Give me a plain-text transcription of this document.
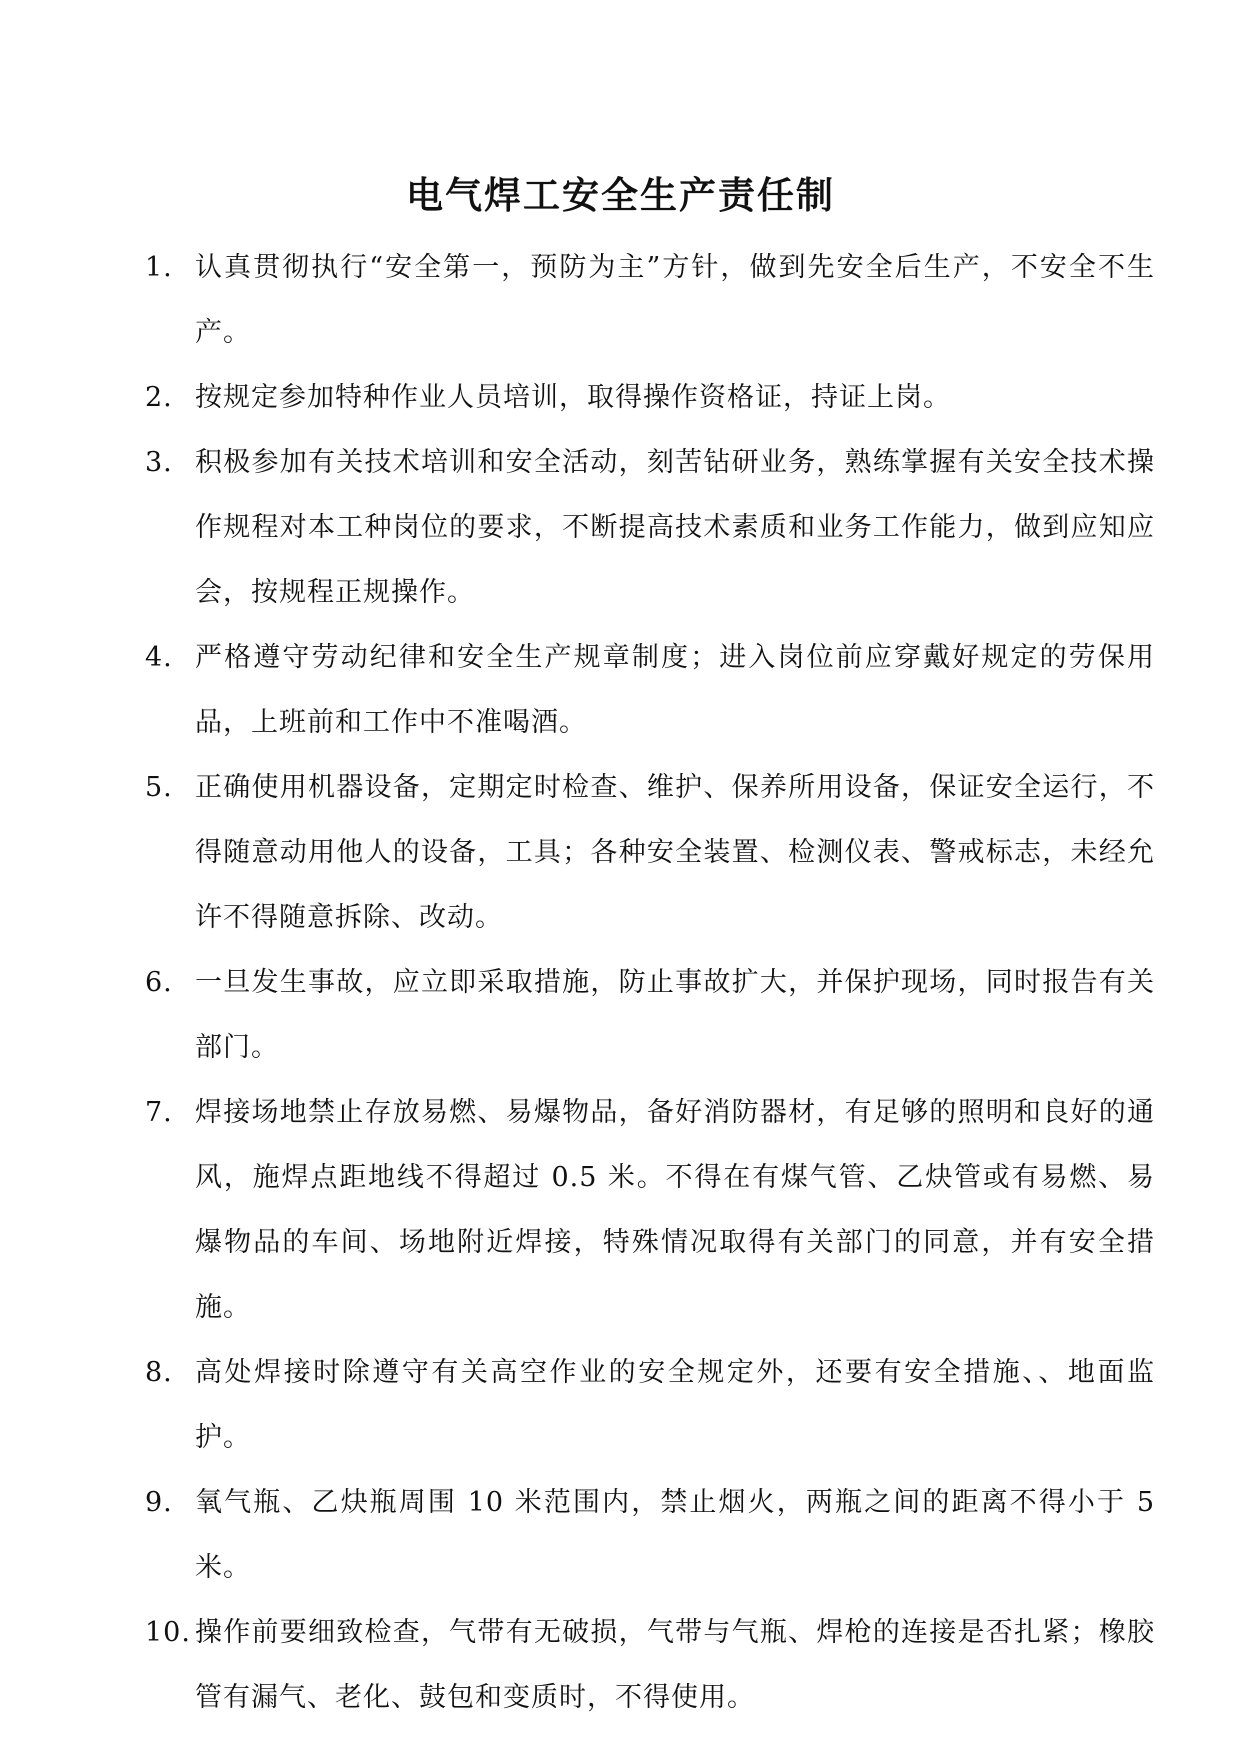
电气焊工安全生产责任制
1. 认真贯彻执行“安全第一，预防为主”方针，做到先安全后生产，不安全不生产。
2. 按规定参加特种作业人员培训，取得操作资格证，持证上岗。
3. 积极参加有关技术培训和安全活动，刻苦钻研业务，熟练掌握有关安全技术操作规程对本工种岗位的要求，不断提高技术素质和业务工作能力，做到应知应会，按规程正规操作。
4. 严格遵守劳动纪律和安全生产规章制度；进入岗位前应穿戴好规定的劳保用品，上班前和工作中不准喝酒。
5. 正确使用机器设备，定期定时检查、维护、保养所用设备，保证安全运行，不得随意动用他人的设备，工具；各种安全装置、检测仪表、警戒标志，未经允许不得随意拆除、改动。
6. 一旦发生事故，应立即采取措施，防止事故扩大，并保护现场，同时报告有关部门。
7. 焊接场地禁止存放易燃、易爆物品，备好消防器材，有足够的照明和良好的通风，施焊点距地线不得超过 0.5 米。不得在有煤气管、乙炔管或有易燃、易爆物品的车间、场地附近焊接，特殊情况取得有关部门的同意，并有安全措施。
8. 高处焊接时除遵守有关高空作业的安全规定外，还要有安全措施、、地面监护。
9. 氧气瓶、乙炔瓶周围 10 米范围内，禁止烟火，两瓶之间的距离不得小于 5 米。
10. 操作前要细致检查，气带有无破损，气带与气瓶、焊枪的连接是否扎紧；橡胶管有漏气、老化、鼓包和变质时，不得使用。
